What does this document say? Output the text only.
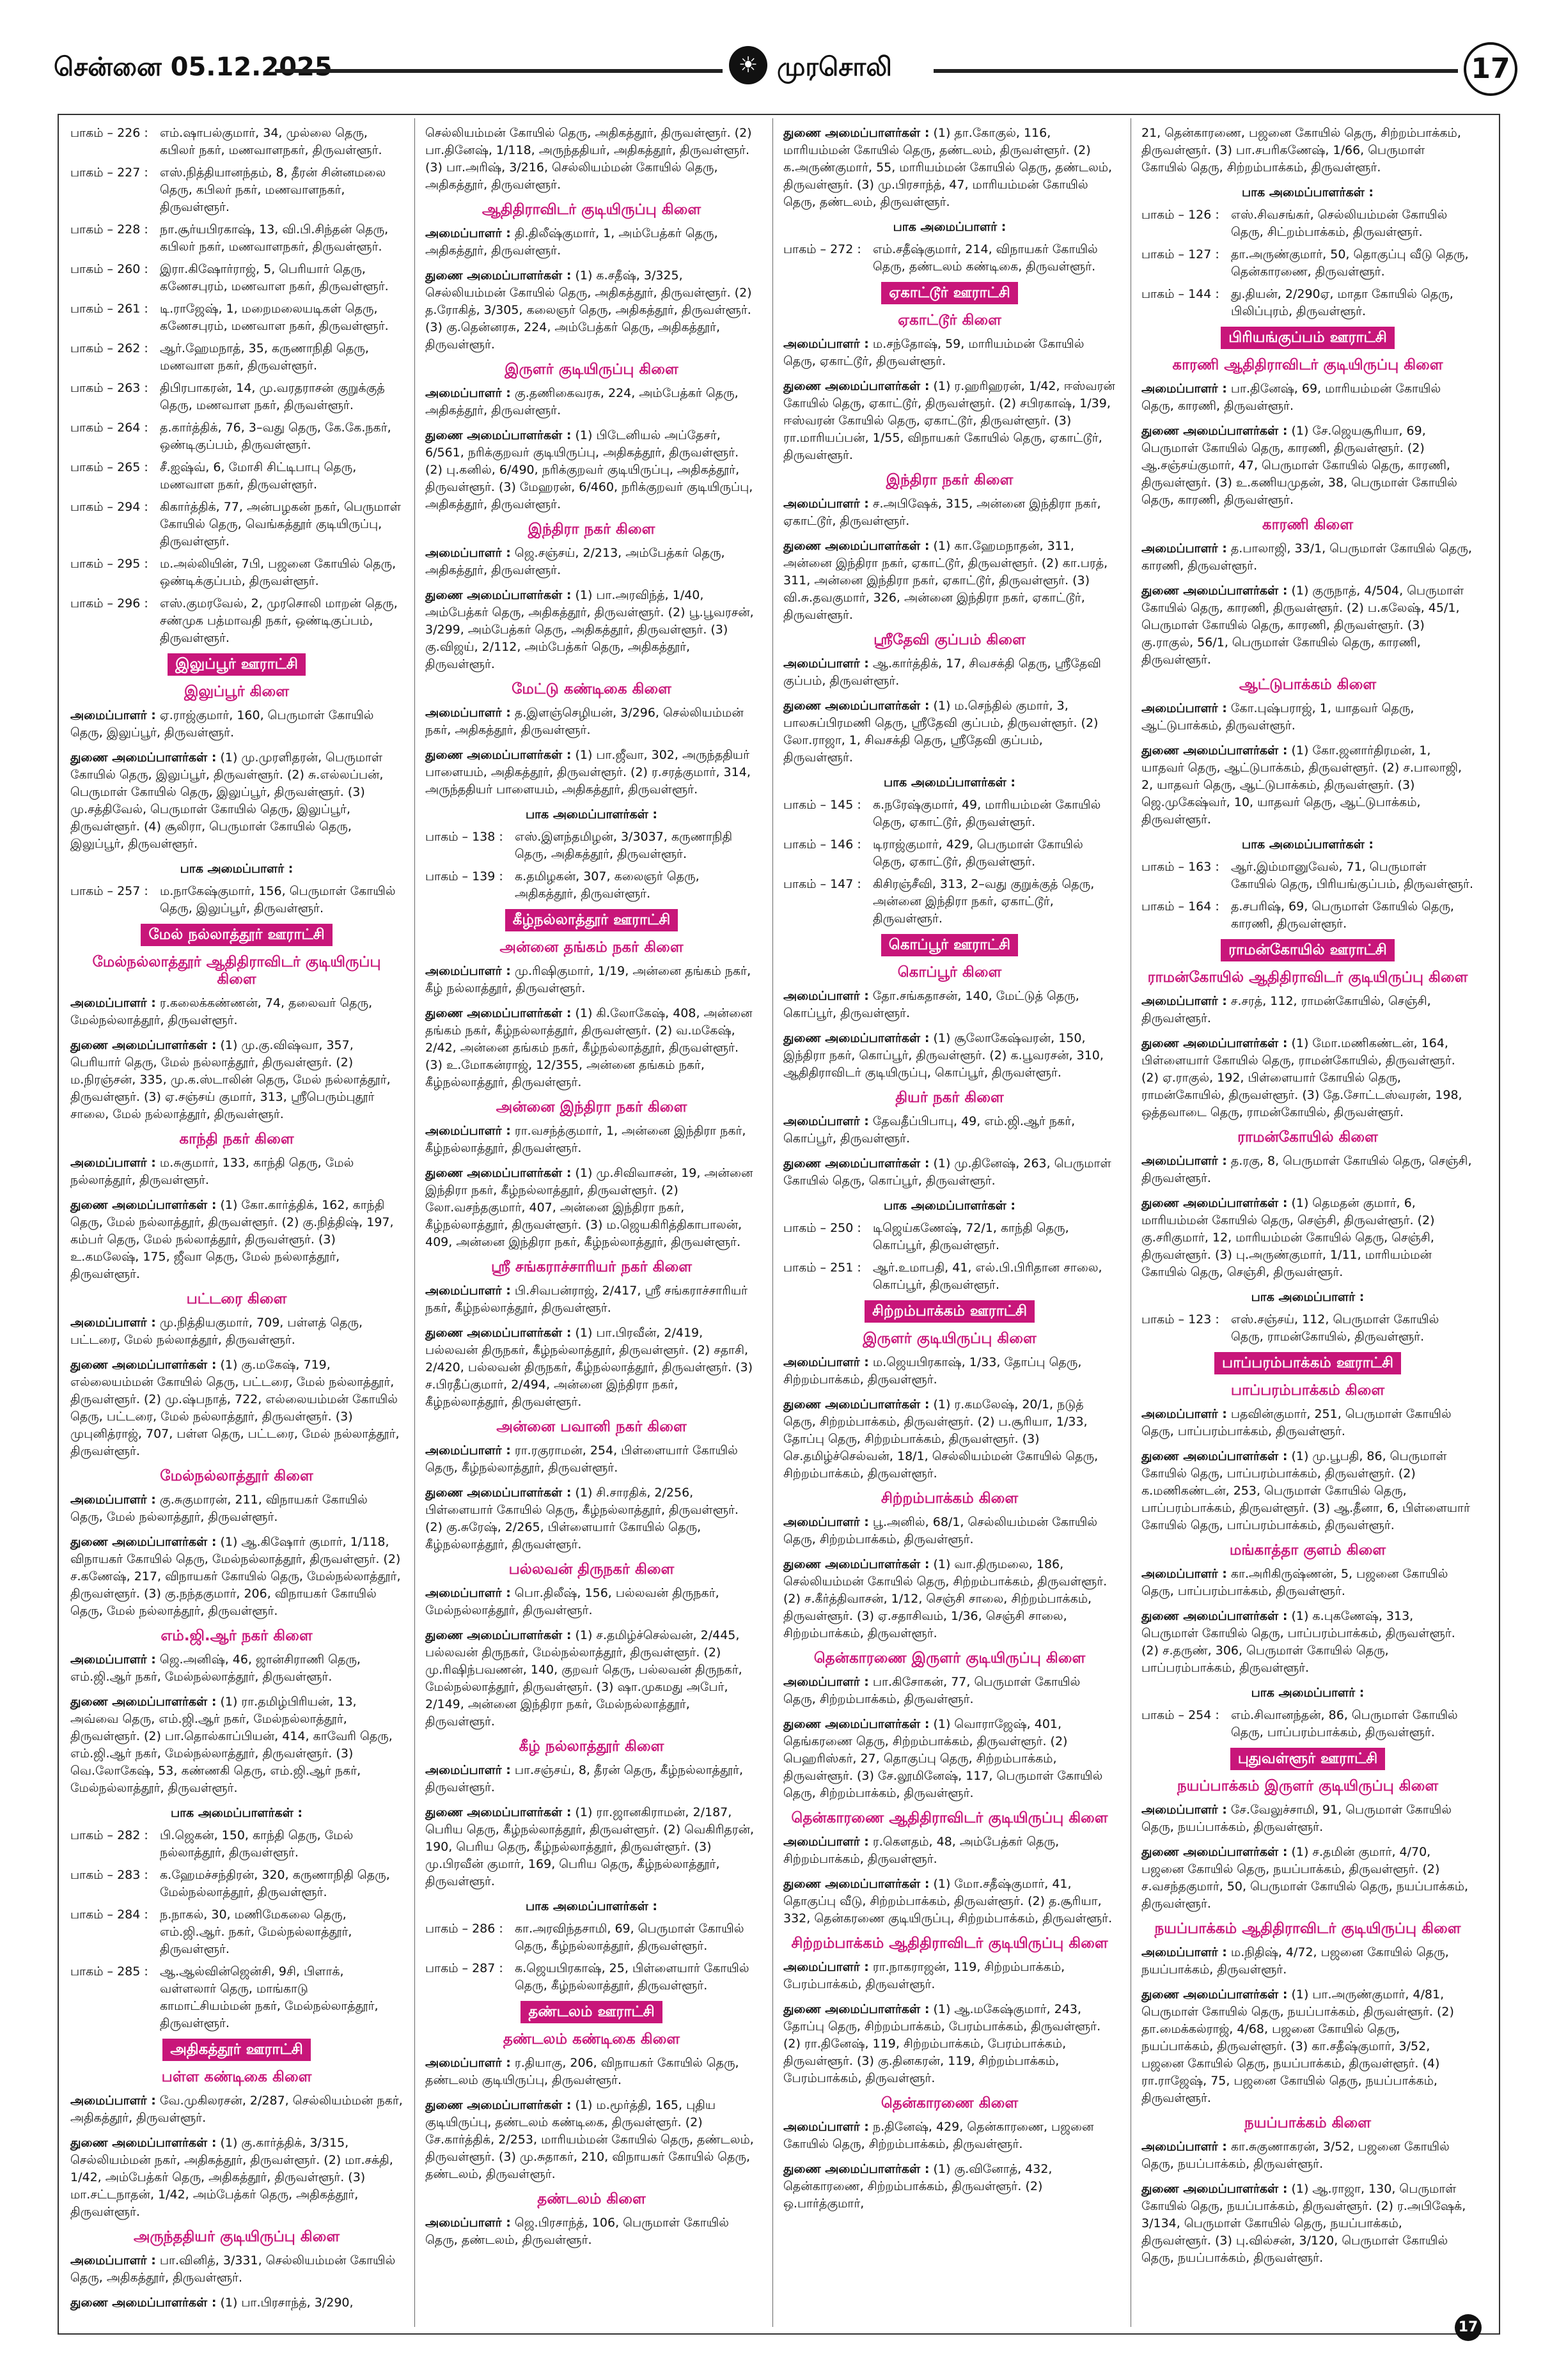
சென்னை 05.12.2025	☀ முரசொலி	17
பாகம் – 226 : எம்.ஷாபல்குமார், 34, முல்லை தெரு, கபிலர் நகர், மணவாளநகர், திருவள்ளூர்.
பாகம் – 227 : எஸ்.நித்தியானந்தம், 8, தீரன் சின்னமலை தெரு, கபிலர் நகர், மணவாளநகர், திருவள்ளூர்.
பாகம் – 228 : நா.சூர்யபிரகாஷ், 13, வி.பி.சிந்தன் தெரு, கபிலர் நகர், மணவாளநகர், திருவள்ளூர்.
பாகம் – 260 : இரா.கிஷோர்ராஜ், 5, பெரியார் தெரு, கணேசபுரம், மணவாள நகர், திருவள்ளூர்.
பாகம் – 261 : டி.ராஜேஷ், 1, மறைமலையடிகள் தெரு, கணேசபுரம், மணவாள நகர், திருவள்ளூர்.
பாகம் – 262 : ஆர்.ஹேமநாத், 35, கருணாநிதி தெரு, மணவாள நகர், திருவள்ளூர்.
பாகம் – 263 : திபிரபாகரன், 14, மு.வரதராசன் குறுக்குத் தெரு, மணவாள நகர், திருவள்ளூர்.
பாகம் – 264 : த.கார்த்திக், 76, 3–வது தெரு, கே.கே.நகர், ஒண்டிகுப்பம், திருவள்ளூர்.
பாகம் – 265 : சீ.ஐஷ்வ், 6, மோசி சிட்டிபாபு தெரு, மணவாள நகர், திருவள்ளூர்.
பாகம் – 294 : கிகார்த்திக், 77, அன்பழகன் நகர், பெருமாள் கோயில் தெரு, வெங்கத்தூர் குடியிருப்பு, திருவள்ளூர்.
பாகம் – 295 : ம.அல்லியின், 7பி, பஜனை கோயில் தெரு, ஒண்டிக்குப்பம், திருவள்ளூர்.
பாகம் – 296 : எஸ்.குமரவேல், 2, முரசொலி மாறன் தெரு, சண்முக பத்மாவதி நகர், ஒண்டிகுப்பம், திருவள்ளூர்.
இலுப்பூர் ஊராட்சி
இலுப்பூர் கிளை
அமைப்பாளர் : ஏ.ராஜ்குமார், 160, பெருமாள் கோயில் தெரு, இலுப்பூர், திருவள்ளூர்.
துணை அமைப்பாளர்கள் : (1) மு.முரளிதரன், பெருமாள் கோயில் தெரு, இலுப்பூர், திருவள்ளூர். (2) சு.எல்லப்பன், பெருமாள் கோயில் தெரு, இலுப்பூர், திருவள்ளூர். (3) மு.சத்திவேல், பெருமாள் கோயில் தெரு, இலுப்பூர், திருவள்ளூர். (4) சூலிரா, பெருமாள் கோயில் தெரு, இலுப்பூர், திருவள்ளூர்.
பாக அமைப்பாளர் :
பாகம் – 257 : ம.நாகேஷ்குமார், 156, பெருமாள் கோயில் தெரு, இலுப்பூர், திருவள்ளூர்.
மேல் நல்லாத்தூர் ஊராட்சி
மேல்நல்லாத்தூர் ஆதிதிராவிடர் குடியிருப்பு கிளை
அமைப்பாளர் : ர.கலைக்கண்ணன், 74, தலைவர் தெரு, மேல்நல்லாத்தூர், திருவள்ளூர்.
துணை அமைப்பாளர்கள் : (1) மு.கு.விஷ்வா, 357, பெரியார் தெரு, மேல் நல்லாத்தூர், திருவள்ளூர். (2) ம.நிரஞ்சன், 335, மு.க.ஸ்டாலின் தெரு, மேல் நல்லாத்தூர், திருவள்ளூர். (3) ஏ.சஞ்சய் குமார், 313, ஸ்ரீபெரும்புதூர் சாலை, மேல் நல்லாத்தூர், திருவள்ளூர்.
காந்தி நகர் கிளை
அமைப்பாளர் : ம.சுகுமார், 133, காந்தி தெரு, மேல் நல்லாத்தூர், திருவள்ளூர்.
துணை அமைப்பாளர்கள் : (1) கோ.கார்த்திக், 162, காந்தி தெரு, மேல் நல்லாத்தூர், திருவள்ளூர். (2) கு.நித்திஷ், 197, கம்பர் தெரு, மேல் நல்லாத்தூர், திருவள்ளூர். (3) உ.கமலேஷ், 175, ஜீவா தெரு, மேல் நல்லாத்தூர், திருவள்ளூர்.
பட்டரை கிளை
அமைப்பாளர் : மு.நித்தியகுமார், 709, பள்ளத் தெரு, பட்டரை, மேல் நல்லாத்தூர், திருவள்ளூர்.
துணை அமைப்பாளர்கள் : (1) கு.மகேஷ், 719, எல்லையம்மன் கோயில் தெரு, பட்டரை, மேல் நல்லாத்தூர், திருவள்ளூர். (2) மு.ஷ்பநாத், 722, எல்லையம்மன் கோயில் தெரு, பட்டரை, மேல் நல்லாத்தூர், திருவள்ளூர். (3) முபுனித்ராஜ், 707, பள்ள தெரு, பட்டரை, மேல் நல்லாத்தூர், திருவள்ளூர்.
மேல்நல்லாத்தூர் கிளை
அமைப்பாளர் : கு.சுகுமாரன், 211, விநாயகர் கோயில் தெரு, மேல் நல்லாத்தூர், திருவள்ளூர்.
துணை அமைப்பாளர்கள் : (1) ஆ.கிஷோர் குமார், 1/118, விநாயகர் கோயில் தெரு, மேல்நல்லாத்தூர், திருவள்ளூர். (2) ச.கணேஷ், 217, விநாயகர் கோயில் தெரு, மேல்நல்லாத்தூர், திருவள்ளூர். (3) கு.நந்தகுமார், 206, விநாயகர் கோயில் தெரு, மேல் நல்லாத்தூர், திருவள்ளூர்.
எம்.ஜி.ஆர் நகர் கிளை
அமைப்பாளர் : ஜெ.அனிஷ், 46, ஜான்சிராணி தெரு, எம்.ஜி.ஆர் நகர், மேல்நல்லாத்தூர், திருவள்ளூர்.
துணை அமைப்பாளர்கள் : (1) ரா.தமிழ்பிரியன், 13, அவ்வை தெரு, எம்.ஜி.ஆர் நகர், மேல்நல்லாத்தூர், திருவள்ளூர். (2) பா.தொல்காப்பியன், 414, காவேரி தெரு, எம்.ஜி.ஆர் நகர், மேல்நல்லாத்தூர், திருவள்ளூர். (3) வெ.லோகேஷ், 53, கண்ணகி தெரு, எம்.ஜி.ஆர் நகர், மேல்நல்லாத்தூர், திருவள்ளூர்.
பாக அமைப்பாளர்கள் :
பாகம் – 282 : பி.ஜெகன், 150, காந்தி தெரு, மேல் நல்லாத்தூர், திருவள்ளூர்.
பாகம் – 283 : க.ஹேமச்சந்திரன், 320, கருணாநிதி தெரு, மேல்நல்லாத்தூர், திருவள்ளூர்.
பாகம் – 284 : ந.நாகல், 30, மணிமேகலை தெரு, எம்.ஜி.ஆர். நகர், மேல்நல்லாத்தூர், திருவள்ளூர்.
பாகம் – 285 : ஆ.ஆல்வின்ஜென்சி, 9சி, பிளாக், வள்ளலார் தெரு, மாங்காடு காமாட்சியம்மன் நகர், மேல்நல்லாத்தூர், திருவள்ளூர்.
அதிகத்தூர் ஊராட்சி
பள்ள கண்டிகை கிளை
அமைப்பாளர் : வே.முகிலரசன், 2/287, செல்லியம்மன் நகர், அதிகத்தூர், திருவள்ளூர்.
துணை அமைப்பாளர்கள் : (1) கு.கார்த்திக், 3/315, செல்லியம்மன் நகர், அதிகத்தூர், திருவள்ளூர். (2) மா.சக்தி, 1/42, அம்பேத்கர் தெரு, அதிகத்தூர், திருவள்ளூர். (3) மா.சட்டநாதன், 1/42, அம்பேத்கர் தெரு, அதிகத்தூர், திருவள்ளூர்.
அருந்ததியர் குடியிருப்பு கிளை
அமைப்பாளர் : பா.வினித், 3/331, செல்லியம்மன் கோயில் தெரு, அதிகத்தூர், திருவள்ளூர்.
துணை அமைப்பாளர்கள் : (1) பா.பிரசாந்த், 3/290,
செல்லியம்மன் கோயில் தெரு, அதிகத்தூர், திருவள்ளூர். (2) பா.தினேஷ், 1/118, அருந்ததியர், அதிகத்தூர், திருவள்ளூர். (3) பா.அரிஷ், 3/216, செல்லியம்மன் கோயில் தெரு, அதிகத்தூர், திருவள்ளூர்.
ஆதிதிராவிடர் குடியிருப்பு கிளை
அமைப்பாளர் : தி.திலீஷ்குமார், 1, அம்பேத்கர் தெரு, அதிகத்தூர், திருவள்ளூர்.
துணை அமைப்பாளர்கள் : (1) க.சதீஷ், 3/325, செல்லியம்மன் கோயில் தெரு, அதிகத்தூர், திருவள்ளூர். (2) த.ரோகித், 3/305, கலைஞர் தெரு, அதிகத்தூர், திருவள்ளூர். (3) கு.தென்னரசு, 224, அம்பேத்கர் தெரு, அதிகத்தூர், திருவள்ளூர்.
இருளர் குடியிருப்பு கிளை
அமைப்பாளர் : கு.தணிகைவரசு, 224, அம்பேத்கர் தெரு, அதிகத்தூர், திருவள்ளூர்.
துணை அமைப்பாளர்கள் : (1) பிடேனியல் அப்தேசர், 6/561, நரிக்குறவர் குடியிருப்பு, அதிகத்தூர், திருவள்ளூர். (2) பு.கனில், 6/490, நரிக்குறவர் குடியிருப்பு, அதிகத்தூர், திருவள்ளூர். (3) மேஹரன், 6/460, நரிக்குறவர் குடியிருப்பு, அதிகத்தூர், திருவள்ளூர்.
இந்திரா நகர் கிளை
அமைப்பாளர் : ஜெ.சஞ்சய், 2/213, அம்பேத்கர் தெரு, அதிகத்தூர், திருவள்ளூர்.
துணை அமைப்பாளர்கள் : (1) பா.அரவிந்த், 1/40, அம்பேத்கர் தெரு, அதிகத்தூர், திருவள்ளூர். (2) பூ.பூவரசன், 3/299, அம்பேத்கர் தெரு, அதிகத்தூர், திருவள்ளூர். (3) கு.விஜய், 2/112, அம்பேத்கர் தெரு, அதிகத்தூர், திருவள்ளூர்.
மேட்டு கண்டிகை கிளை
அமைப்பாளர் : த.இளஞ்செழியன், 3/296, செல்லியம்மன் நகர், அதிகத்தூர், திருவள்ளூர்.
துணை அமைப்பாளர்கள் : (1) பா.ஜீவா, 302, அருந்ததியர் பாளையம், அதிகத்தூர், திருவள்ளூர். (2) ர.சரத்குமார், 314, அருந்ததியர் பாளையம், அதிகத்தூர், திருவள்ளூர்.
பாக அமைப்பாளர்கள் :
பாகம் – 138 : எஸ்.இளந்தமிழன், 3/3037, கருணாநிதி தெரு, அதிகத்தூர், திருவள்ளூர்.
பாகம் – 139 : க.தமிழகன், 307, கலைஞர் தெரு, அதிகத்தூர், திருவள்ளூர்.
கீழ்நல்லாத்தூர் ஊராட்சி
அன்னை தங்கம் நகர் கிளை
அமைப்பாளர் : மு.ரிஷிகுமார், 1/19, அன்னை தங்கம் நகர், கீழ் நல்லாத்தூர், திருவள்ளூர்.
துணை அமைப்பாளர்கள் : (1) கி.லோகேஷ், 408, அன்னை தங்கம் நகர், கீழ்நல்லாத்தூர், திருவள்ளூர். (2) வ.மகேஷ், 2/42, அன்னை தங்கம் நகர், கீழ்நல்லாத்தூர், திருவள்ளூர். (3) உ.மோகன்ராஜ், 12/355, அன்னை தங்கம் நகர், கீழ்நல்லாத்தூர், திருவள்ளூர்.
அன்னை இந்திரா நகர் கிளை
அமைப்பாளர் : ரா.வசந்த்குமார், 1, அன்னை இந்திரா நகர், கீழ்நல்லாத்தூர், திருவள்ளூர்.
துணை அமைப்பாளர்கள் : (1) மு.சிவிவாசன், 19, அன்னை இந்திரா நகர், கீழ்நல்லாத்தூர், திருவள்ளூர். (2) லோ.வசந்தகுமார், 407, அன்னை இந்திரா நகர், கீழ்நல்லாத்தூர், திருவள்ளூர். (3) ம.ஜெயகிரித்திகாபாலன், 409, அன்னை இந்திரா நகர், கீழ்நல்லாத்தூர், திருவள்ளூர்.
ஸ்ரீ சங்கராச்சாரியர் நகர் கிளை
அமைப்பாளர் : பி.சிவபன்ராஜ், 2/417, ஸ்ரீ சங்கராச்சாரியர் நகர், கீழ்நல்லாத்தூர், திருவள்ளூர்.
துணை அமைப்பாளர்கள் : (1) பா.பிரவீன், 2/419, பல்லவன் திருநகர், கீழ்நல்லாத்தூர், திருவள்ளூர். (2) சதாசி, 2/420, பல்லவன் திருநகர், கீழ்நல்லாத்தூர், திருவள்ளூர். (3) ச.பிரதீப்குமார், 2/494, அன்னை இந்திரா நகர், கீழ்நல்லாத்தூர், திருவள்ளூர்.
அன்னை பவானி நகர் கிளை
அமைப்பாளர் : ரா.ரகுராமன், 254, பிள்ளையார் கோயில் தெரு, கீழ்நல்லாத்தூர், திருவள்ளூர்.
துணை அமைப்பாளர்கள் : (1) சி.சாரதிக், 2/256, பிள்ளையார் கோயில் தெரு, கீழ்நல்லாத்தூர், திருவள்ளூர். (2) கு.சுரேஷ், 2/265, பிள்ளையார் கோயில் தெரு, கீழ்நல்லாத்தூர், திருவள்ளூர்.
பல்லவன் திருநகர் கிளை
அமைப்பாளர் : பொ.திலீஷ், 156, பல்லவன் திருநகர், மேல்நல்லாத்தூர், திருவள்ளூர்.
துணை அமைப்பாளர்கள் : (1) ச.தமிழ்ச்செல்வன், 2/445, பல்லவன் திருநகர், மேல்நல்லாத்தூர், திருவள்ளூர். (2) மு.ரிஷிந்பவணன், 140, குறவர் தெரு, பல்லவன் திருநகர், மேல்நல்லாத்தூர், திருவள்ளூர். (3) ஷா.முகமது அபேர், 2/149, அன்னை இந்திரா நகர், மேல்நல்லாத்தூர், திருவள்ளூர்.
கீழ் நல்லாத்தூர் கிளை
அமைப்பாளர் : பா.சஞ்சய், 8, தீரன் தெரு, கீழ்நல்லாத்தூர், திருவள்ளூர்.
துணை அமைப்பாளர்கள் : (1) ரா.ஜானகிராமன், 2/187, பெரிய தெரு, கீழ்நல்லாத்தூர், திருவள்ளூர். (2) வெகிரிதரன், 190, பெரிய தெரு, கீழ்நல்லாத்தூர், திருவள்ளூர். (3) மு.பிரவீன் குமார், 169, பெரிய தெரு, கீழ்நல்லாத்தூர், திருவள்ளூர்.
பாக அமைப்பாளர்கள் :
பாகம் – 286 : கா.அரவிந்தசாமி, 69, பெருமாள் கோயில் தெரு, கீழ்நல்லாத்தூர், திருவள்ளூர்.
பாகம் – 287 : க.ஜெயபிரகாஷ், 25, பிள்ளையார் கோயில் தெரு, கீழ்நல்லாத்தூர், திருவள்ளூர்.
தண்டலம் ஊராட்சி
தண்டலம் கண்டிகை கிளை
அமைப்பாளர் : ர.தியாகு, 206, விநாயகர் கோயில் தெரு, தண்டலம் குடியிருப்பு, திருவள்ளூர்.
துணை அமைப்பாளர்கள் : (1) ம.மூர்த்தி, 165, புதிய குடியிருப்பு, தண்டலம் கண்டிகை, திருவள்ளூர். (2) சே.கார்த்திக், 2/253, மாரியம்மன் கோயில் தெரு, தண்டலம், திருவள்ளூர். (3) மு.சுதாகர், 210, விநாயகர் கோயில் தெரு, தண்டலம், திருவள்ளூர்.
தண்டலம் கிளை
அமைப்பாளர் : ஜெ.பிரசாந்த், 106, பெருமாள் கோயில் தெரு, தண்டலம், திருவள்ளூர்.
துணை அமைப்பாளர்கள் : (1) தா.கோகுல், 116, மாரியம்மன் கோயில் தெரு, தண்டலம், திருவள்ளூர். (2) க.அருண்குமார், 55, மாரியம்மன் கோயில் தெரு, தண்டலம், திருவள்ளூர். (3) மு.பிரசாந்த், 47, மாரியம்மன் கோயில் தெரு, தண்டலம், திருவள்ளூர்.
பாக அமைப்பாளர் :
பாகம் – 272 : எம்.சதீஷ்குமார், 214, விநாயகர் கோயில் தெரு, தண்டலம் கண்டிகை, திருவள்ளூர்.
ஏகாட்டூர் ஊராட்சி
ஏகாட்டூர் கிளை
அமைப்பாளர் : ம.சந்தோஷ், 59, மாரியம்மன் கோயில் தெரு, ஏகாட்டூர், திருவள்ளூர்.
துணை அமைப்பாளர்கள் : (1) ர.ஹரிஹரன், 1/42, ஈஸ்வரன் கோயில் தெரு, ஏகாட்டூர், திருவள்ளூர். (2) சபிரகாஷ், 1/39, ஈஸ்வரன் கோயில் தெரு, ஏகாட்டூர், திருவள்ளூர். (3) ரா.மாரியப்பன், 1/55, விநாயகர் கோயில் தெரு, ஏகாட்டூர், திருவள்ளூர்.
இந்திரா நகர் கிளை
அமைப்பாளர் : ச.அபிஷேக், 315, அன்னை இந்திரா நகர், ஏகாட்டூர், திருவள்ளூர்.
துணை அமைப்பாளர்கள் : (1) கா.ஹேமநாதன், 311, அன்னை இந்திரா நகர், ஏகாட்டூர், திருவள்ளூர். (2) கா.பரத், 311, அன்னை இந்திரா நகர், ஏகாட்டூர், திருவள்ளூர். (3) வி.சு.தவகுமார், 326, அன்னை இந்திரா நகர், ஏகாட்டூர், திருவள்ளூர்.
ஸ்ரீதேவி குப்பம் கிளை
அமைப்பாளர் : ஆ.கார்த்திக், 17, சிவசக்தி தெரு, ஸ்ரீதேவி குப்பம், திருவள்ளூர்.
துணை அமைப்பாளர்கள் : (1) ம.செந்தில் குமார், 3, பாலசுப்பிரமணி தெரு, ஸ்ரீதேவி குப்பம், திருவள்ளூர். (2) லோ.ராஜா, 1, சிவசக்தி தெரு, ஸ்ரீதேவி குப்பம், திருவள்ளூர்.
பாக அமைப்பாளர்கள் :
பாகம் – 145 : க.நரேஷ்குமார், 49, மாரியம்மன் கோயில் தெரு, ஏகாட்டூர், திருவள்ளூர்.
பாகம் – 146 : டிராஜ்குமார், 429, பெருமாள் கோயில் தெரு, ஏகாட்டூர், திருவள்ளூர்.
பாகம் – 147 : கிசிரஞ்சீவி, 313, 2–வது குறுக்குத் தெரு, அன்னை இந்திரா நகர், ஏகாட்டூர், திருவள்ளூர்.
கொப்பூர் ஊராட்சி
கொப்பூர் கிளை
அமைப்பாளர் : தோ.சங்கதாசன், 140, மேட்டுத் தெரு, கொப்பூர், திருவள்ளூர்.
துணை அமைப்பாளர்கள் : (1) சூலோகேஷ்வரன், 150, இந்திரா நகர், கொப்பூர், திருவள்ளூர். (2) க.பூவரசன், 310, ஆதிதிராவிடர் குடியிருப்பு, கொப்பூர், திருவள்ளூர்.
தியர் நகர் கிளை
அமைப்பாளர் : தேவதீப்பிபாபு, 49, எம்.ஜி.ஆர் நகர், கொப்பூர், திருவள்ளூர்.
துணை அமைப்பாளர்கள் : (1) மு.தினேஷ், 263, பெருமாள் கோயில் தெரு, கொப்பூர், திருவள்ளூர்.
பாக அமைப்பாளர்கள் :
பாகம் – 250 : டிஜெய்கணேஷ், 72/1, காந்தி தெரு, கொப்பூர், திருவள்ளூர்.
பாகம் – 251 : ஆர்.உமாபதி, 41, எல்.பி.பிரிதான சாலை, கொப்பூர், திருவள்ளூர்.
சிற்றம்பாக்கம் ஊராட்சி
இருளர் குடியிருப்பு கிளை
அமைப்பாளர் : ம.ஜெயபிரகாஷ், 1/33, தோப்பு தெரு, சிற்றம்பாக்கம், திருவள்ளூர்.
துணை அமைப்பாளர்கள் : (1) ர.கமலேஷ், 20/1, நடுத் தெரு, சிற்றம்பாக்கம், திருவள்ளூர். (2) ப.சூரியா, 1/33, தோப்பு தெரு, சிற்றம்பாக்கம், திருவள்ளூர். (3) செ.தமிழ்ச்செல்வன், 18/1, செல்லியம்மன் கோயில் தெரு, சிற்றம்பாக்கம், திருவள்ளூர்.
சிற்றம்பாக்கம் கிளை
அமைப்பாளர் : பூ.அனில், 68/1, செல்லியம்மன் கோயில் தெரு, சிற்றம்பாக்கம், திருவள்ளூர்.
துணை அமைப்பாளர்கள் : (1) வா.திருமலை, 186, செல்லியம்மன் கோயில் தெரு, சிற்றம்பாக்கம், திருவள்ளூர். (2) ச.கீர்த்திவாசன், 1/12, செஞ்சி சாலை, சிற்றம்பாக்கம், திருவள்ளூர். (3) ஏ.சதாசிவம், 1/36, செஞ்சி சாலை, சிற்றம்பாக்கம், திருவள்ளூர்.
தென்காரணை இருளர் குடியிருப்பு கிளை
அமைப்பாளர் : பா.கிசோகன், 77, பெருமாள் கோயில் தெரு, சிற்றம்பாக்கம், திருவள்ளூர்.
துணை அமைப்பாளர்கள் : (1) வொராஜேஷ், 401, தெங்கரணை தெரு, சிற்றம்பாக்கம், திருவள்ளூர். (2) பெஹரிஸ்கர், 27, தொகுப்பு தெரு, சிற்றம்பாக்கம், திருவள்ளூர். (3) சே.லூமினேஷ், 117, பெருமாள் கோயில் தெரு, சிற்றம்பாக்கம், திருவள்ளூர்.
தென்காரணை ஆதிதிராவிடர் குடியிருப்பு கிளை
அமைப்பாளர் : ர.கெளதம், 48, அம்பேத்கர் தெரு, சிற்றம்பாக்கம், திருவள்ளூர்.
துணை அமைப்பாளர்கள் : (1) மோ.சதீஷ்குமார், 41, தொகுப்பு வீடு, சிற்றம்பாக்கம், திருவள்ளூர். (2) த.சூரியா, 332, தென்கரணை குடியிருப்பு, சிற்றம்பாக்கம், திருவள்ளூர்.
சிற்றம்பாக்கம் ஆதிதிராவிடர் குடியிருப்பு கிளை
அமைப்பாளர் : ரா.நாகராஜன், 119, சிற்றம்பாக்கம், பேரம்பாக்கம், திருவள்ளூர்.
துணை அமைப்பாளர்கள் : (1) ஆ.மகேஷ்குமார், 243, தோப்பு தெரு, சிற்றம்பாக்கம், பேரம்பாக்கம், திருவள்ளூர். (2) ரா.தினேஷ், 119, சிற்றம்பாக்கம், பேரம்பாக்கம், திருவள்ளூர். (3) கு.தினகரன், 119, சிற்றம்பாக்கம், பேரம்பாக்கம், திருவள்ளூர்.
தென்காரணை கிளை
அமைப்பாளர் : ந.தினேஷ், 429, தென்காரணை, பஜனை கோயில் தெரு, சிற்றம்பாக்கம், திருவள்ளூர்.
துணை அமைப்பாளர்கள் : (1) கு.வினோத், 432, தென்காரணை, சிற்றம்பாக்கம், திருவள்ளூர். (2) ஒ.பார்த்குமார்,
21, தென்காரணை, பஜனை கோயில் தெரு, சிற்றம்பாக்கம், திருவள்ளூர். (3) பா.சபரிகணேஷ், 1/66, பெருமாள் கோயில் தெரு, சிற்றம்பாக்கம், திருவள்ளூர்.
பாக அமைப்பாளர்கள் :
பாகம் – 126 : எஸ்.சிவசங்கர், செல்லியம்மன் கோயில் தெரு, சிட்றம்பாக்கம், திருவள்ளூர்.
பாகம் – 127 : தா.அருண்குமார், 50, தொகுப்பு வீடு தெரு, தென்காரணை, திருவள்ளூர்.
பாகம் – 144 : து.தியன், 2/290ஏ, மாதா கோயில் தெரு, பிலிப்புரம், திருவள்ளூர்.
பிரியங்குப்பம் ஊராட்சி
காரணி ஆதிதிராவிடர் குடியிருப்பு கிளை
அமைப்பாளர் : பா.தினேஷ், 69, மாரியம்மன் கோயில் தெரு, காரணி, திருவள்ளூர்.
துணை அமைப்பாளர்கள் : (1) சே.ஜெயசூரியா, 69, பெருமாள் கோயில் தெரு, காரணி, திருவள்ளூர். (2) ஆ.சஞ்சய்குமார், 47, பெருமாள் கோயில் தெரு, காரணி, திருவள்ளூர். (3) உ.கணியமுதன், 38, பெருமாள் கோயில் தெரு, காரணி, திருவள்ளூர்.
காரணி கிளை
அமைப்பாளர் : த.பாலாஜி, 33/1, பெருமாள் கோயில் தெரு, காரணி, திருவள்ளூர்.
துணை அமைப்பாளர்கள் : (1) குருநாத், 4/504, பெருமாள் கோயில் தெரு, காரணி, திருவள்ளூர். (2) ப.கலேஷ், 45/1, பெருமாள் கோயில் தெரு, காரணி, திருவள்ளூர். (3) கு.ராகுல், 56/1, பெருமாள் கோயில் தெரு, காரணி, திருவள்ளூர்.
ஆட்டுபாக்கம் கிளை
அமைப்பாளர் : கோ.புஷ்பராஜ், 1, யாதவர் தெரு, ஆட்டுபாக்கம், திருவள்ளூர்.
துணை அமைப்பாளர்கள் : (1) கோ.ஜனார்திரமன், 1, யாதவர் தெரு, ஆட்டுபாக்கம், திருவள்ளூர். (2) ச.பாலாஜி, 2, யாதவர் தெரு, ஆட்டுபாக்கம், திருவள்ளூர். (3) ஜெ.முகேஷ்வர், 10, யாதவர் தெரு, ஆட்டுபாக்கம், திருவள்ளூர்.
பாக அமைப்பாளர்கள் :
பாகம் – 163 : ஆர்.இம்மானுவேல், 71, பெருமாள் கோயில் தெரு, பிரியங்குப்பம், திருவள்ளூர்.
பாகம் – 164 : த.சபரிஷ், 69, பெருமாள் கோயில் தெரு, காரணி, திருவள்ளூர்.
ராமன்கோயில் ஊராட்சி
ராமன்கோயில் ஆதிதிராவிடர் குடியிருப்பு கிளை
அமைப்பாளர் : ச.சரத், 112, ராமன்கோயில், செஞ்சி, திருவள்ளூர்.
துணை அமைப்பாளர்கள் : (1) மோ.மணிகண்டன், 164, பிள்ளையார் கோயில் தெரு, ராமன்கோயில், திருவள்ளூர். (2) ஏ.ராகுல், 192, பிள்ளையார் கோயில் தெரு, ராமன்கோயில், திருவள்ளூர். (3) தே.சோட்டஸ்வரன், 198, ஒத்தவாடை தெரு, ராமன்கோயில், திருவள்ளூர்.
ராமன்கோயில் கிளை
அமைப்பாளர் : த.ரகு, 8, பெருமாள் கோயில் தெரு, செஞ்சி, திருவள்ளூர்.
துணை அமைப்பாளர்கள் : (1) தெமதன் குமார், 6, மாரியம்மன் கோயில் தெரு, செஞ்சி, திருவள்ளூர். (2) கு.சரிகுமார், 12, மாரியம்மன் கோயில் தெரு, செஞ்சி, திருவள்ளூர். (3) பு.அருண்குமார், 1/11, மாரியம்மன் கோயில் தெரு, செஞ்சி, திருவள்ளூர்.
பாக அமைப்பாளர் :
பாகம் – 123 : எஸ்.சஞ்சய், 112, பெருமாள் கோயில் தெரு, ராமன்கோயில், திருவள்ளூர்.
பாப்பரம்பாக்கம் ஊராட்சி
பாப்பரம்பாக்கம் கிளை
அமைப்பாளர் : பதவின்குமார், 251, பெருமாள் கோயில் தெரு, பாப்பரம்பாக்கம், திருவள்ளூர்.
துணை அமைப்பாளர்கள் : (1) மு.பூபதி, 86, பெருமாள் கோயில் தெரு, பாப்பரம்பாக்கம், திருவள்ளூர். (2) க.மணிகண்டன், 253, பெருமாள் கோயில் தெரு, பாப்பரம்பாக்கம், திருவள்ளூர். (3) ஆ.தீனா, 6, பிள்ளையார் கோயில் தெரு, பாப்பரம்பாக்கம், திருவள்ளூர்.
மங்காத்தா குளம் கிளை
அமைப்பாளர் : கா.அரிகிருஷ்ணன், 5, பஜனை கோயில் தெரு, பாப்பரம்பாக்கம், திருவள்ளூர்.
துணை அமைப்பாளர்கள் : (1) க.புகணேஷ், 313, பெருமாள் கோயில் தெரு, பாப்பரம்பாக்கம், திருவள்ளூர். (2) ச.தருண், 306, பெருமாள் கோயில் தெரு, பாப்பரம்பாக்கம், திருவள்ளூர்.
பாக அமைப்பாளர் :
பாகம் – 254 : எம்.சிவானந்தன், 86, பெருமாள் கோயில் தெரு, பாப்பரம்பாக்கம், திருவள்ளூர்.
புதுவள்ளூர் ஊராட்சி
நயப்பாக்கம் இருளர் குடியிருப்பு கிளை
அமைப்பாளர் : சே.வேலுச்சாமி, 91, பெருமாள் கோயில் தெரு, நயப்பாக்கம், திருவள்ளூர்.
துணை அமைப்பாளர்கள் : (1) ச.தமின் குமார், 4/70, பஜனை கோயில் தெரு, நயப்பாக்கம், திருவள்ளூர். (2) ச.வசந்தகுமார், 50, பெருமாள் கோயில் தெரு, நயப்பாக்கம், திருவள்ளூர்.
நயப்பாக்கம் ஆதிதிராவிடர் குடியிருப்பு கிளை
அமைப்பாளர் : ம.நிதிஷ், 4/72, பஜனை கோயில் தெரு, நயப்பாக்கம், திருவள்ளூர்.
துணை அமைப்பாளர்கள் : (1) பா.அருண்குமார், 4/81, பெருமாள் கோயில் தெரு, நயப்பாக்கம், திருவள்ளூர். (2) தா.மைக்கல்ராஜ், 4/68, பஜனை கோயில் தெரு, நயப்பாக்கம், திருவள்ளூர். (3) கா.சதீஷ்குமார், 3/52, பஜனை கோயில் தெரு, நயப்பாக்கம், திருவள்ளூர். (4) ரா.ராஜேஷ், 75, பஜனை கோயில் தெரு, நயப்பாக்கம், திருவள்ளூர்.
நயப்பாக்கம் கிளை
அமைப்பாளர் : கா.சுகுணாகரன், 3/52, பஜனை கோயில் தெரு, நயப்பாக்கம், திருவள்ளூர்.
துணை அமைப்பாளர்கள் : (1) ஆ.ராஜா, 130, பெருமாள் கோயில் தெரு, நயப்பாக்கம், திருவள்ளூர். (2) ர.அபிஷேக், 3/134, பெருமாள் கோயில் தெரு, நயப்பாக்கம், திருவள்ளூர். (3) பு.வில்சன், 3/120, பெருமாள் கோயில் தெரு, நயப்பாக்கம், திருவள்ளூர்.
17
